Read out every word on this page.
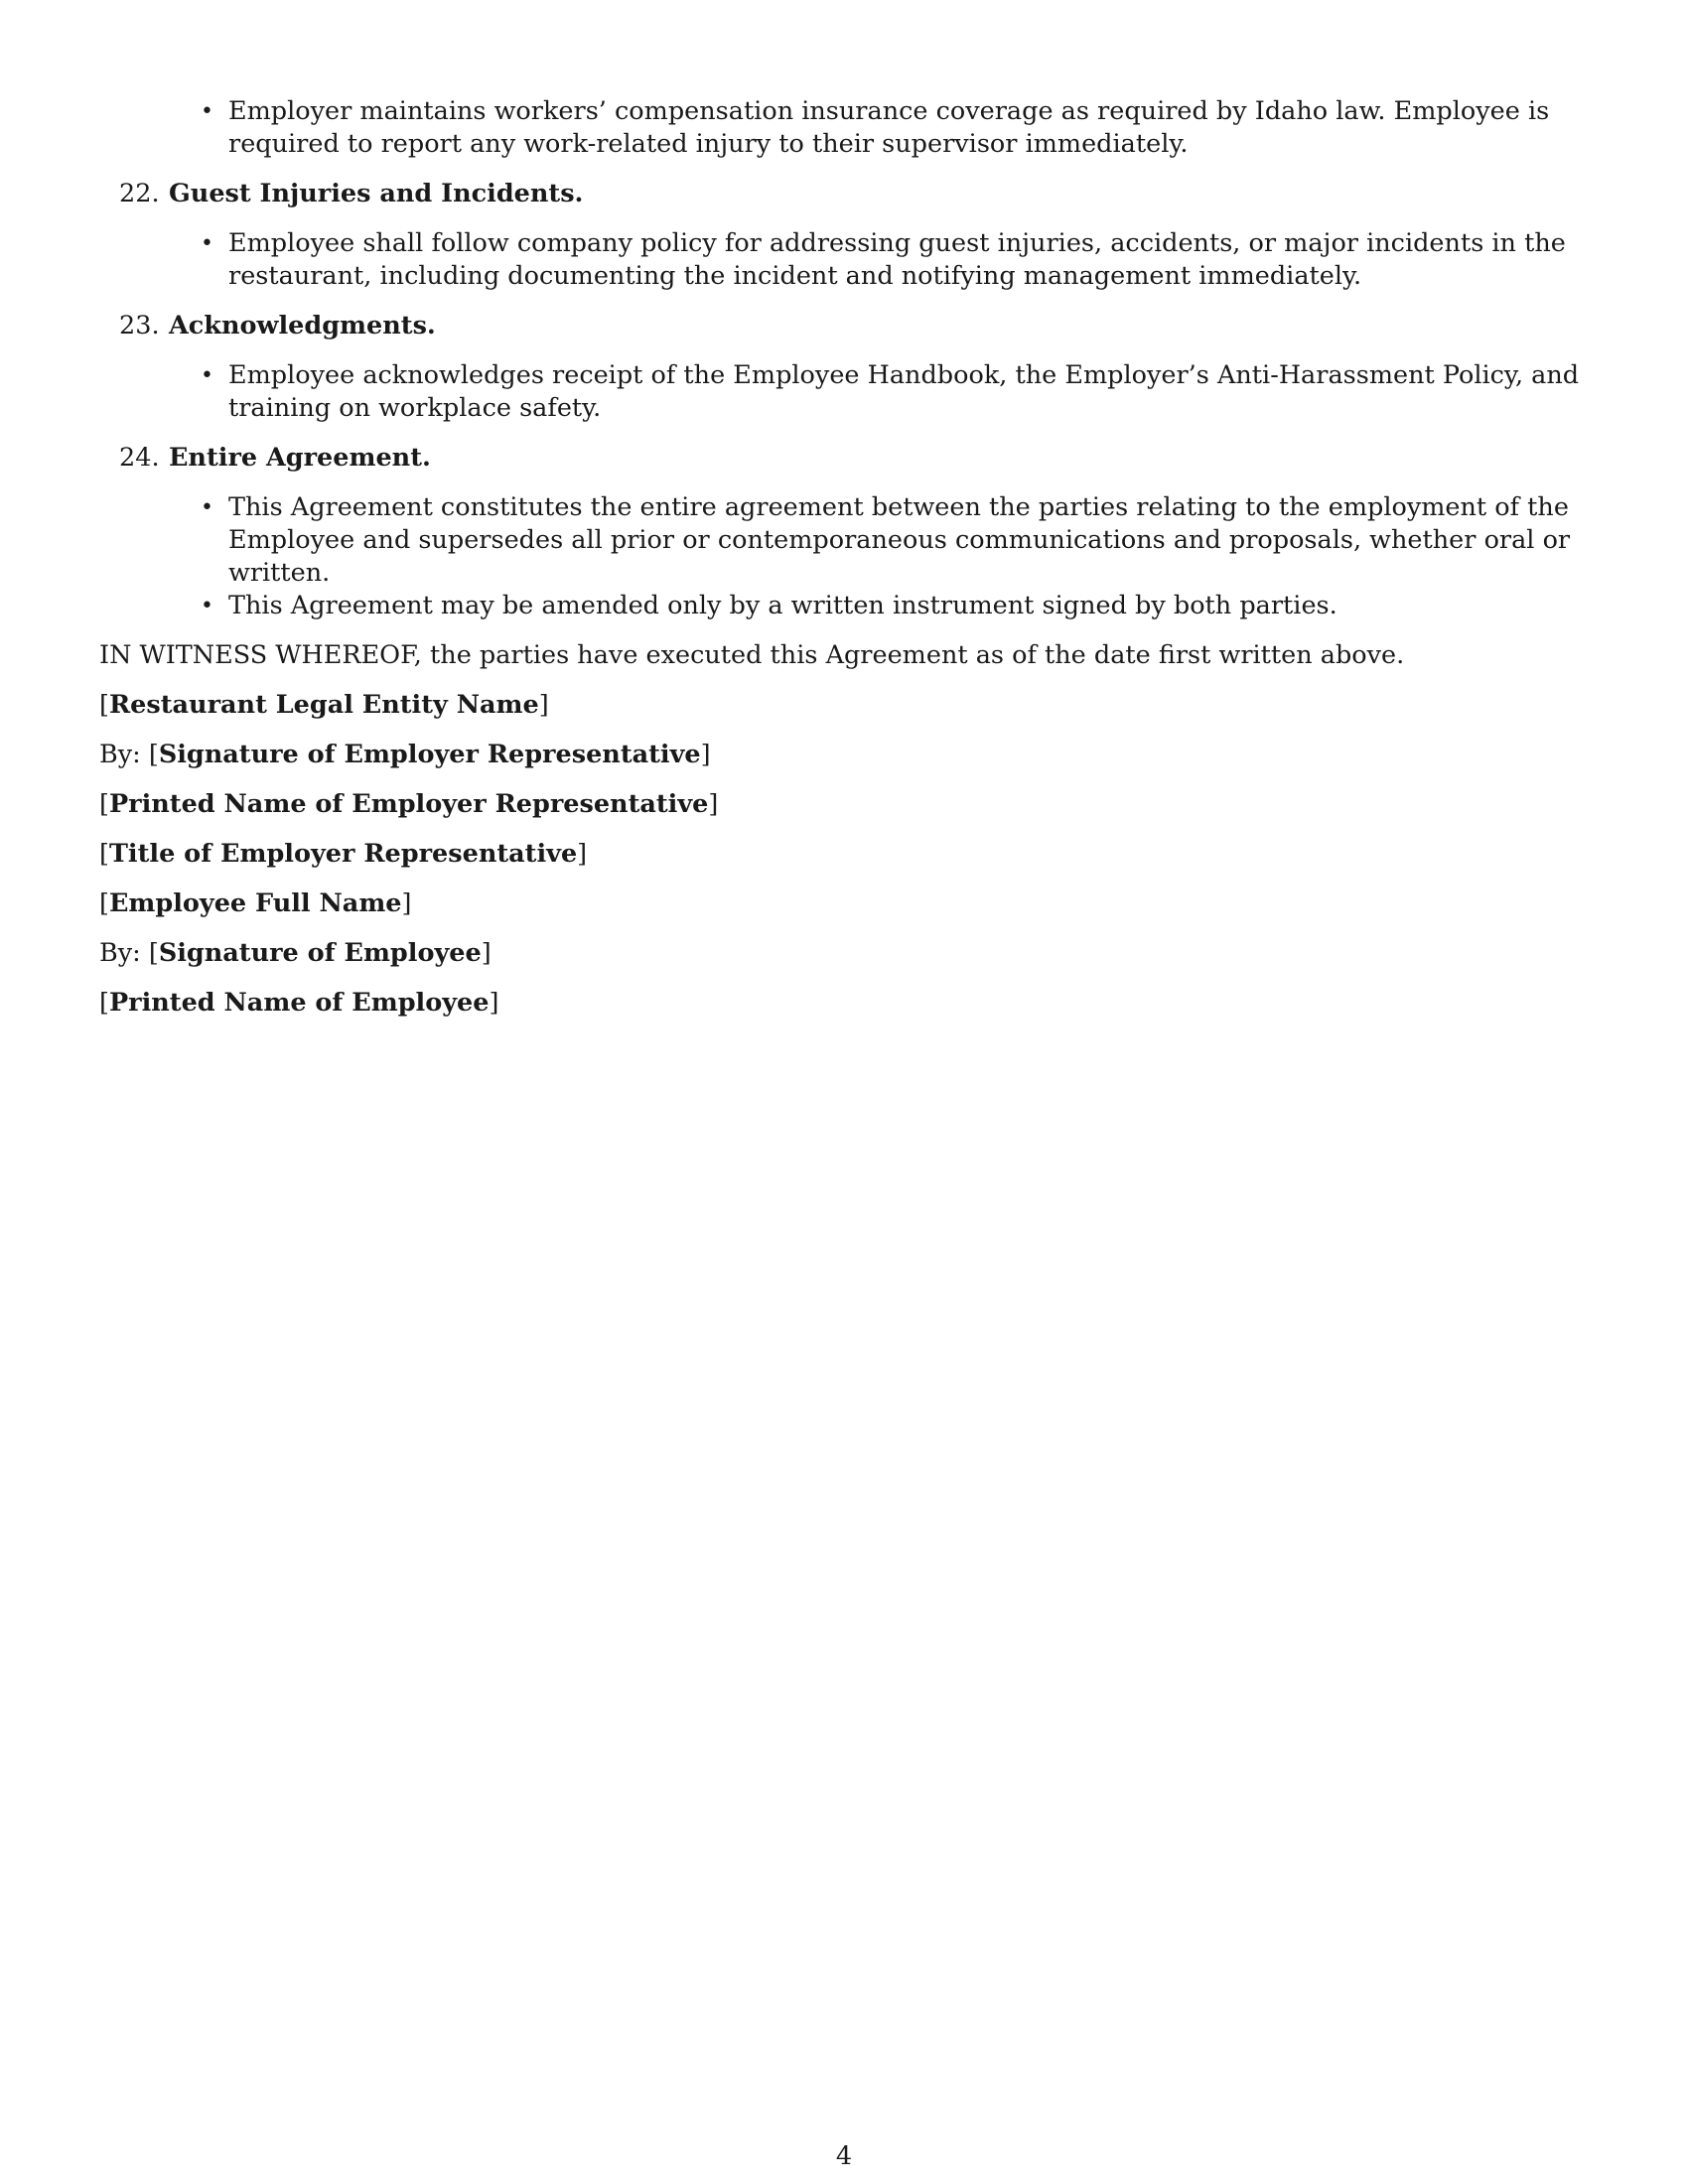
• Employer maintains workers’ compensation insurance coverage as required by Idaho law. Employee is required to report any work-related injury to their supervisor immediately.
22. Guest Injuries and Incidents.
• Employee shall follow company policy for addressing guest injuries, accidents, or major incidents in the restaurant, including documenting the incident and notifying management immediately.
23. Acknowledgments.
• Employee acknowledges receipt of the Employee Handbook, the Employer’s Anti-Harassment Policy, and training on workplace safety.
24. Entire Agreement.
• This Agreement constitutes the entire agreement between the parties relating to the employment of the Employee and supersedes all prior or contemporaneous communications and proposals, whether oral or written.
• This Agreement may be amended only by a written instrument signed by both parties.
IN WITNESS WHEREOF, the parties have executed this Agreement as of the date first written above.
[Restaurant Legal Entity Name]
By: [Signature of Employer Representative]
[Printed Name of Employer Representative]
[Title of Employer Representative]
[Employee Full Name]
By: [Signature of Employee]
[Printed Name of Employee]
4
